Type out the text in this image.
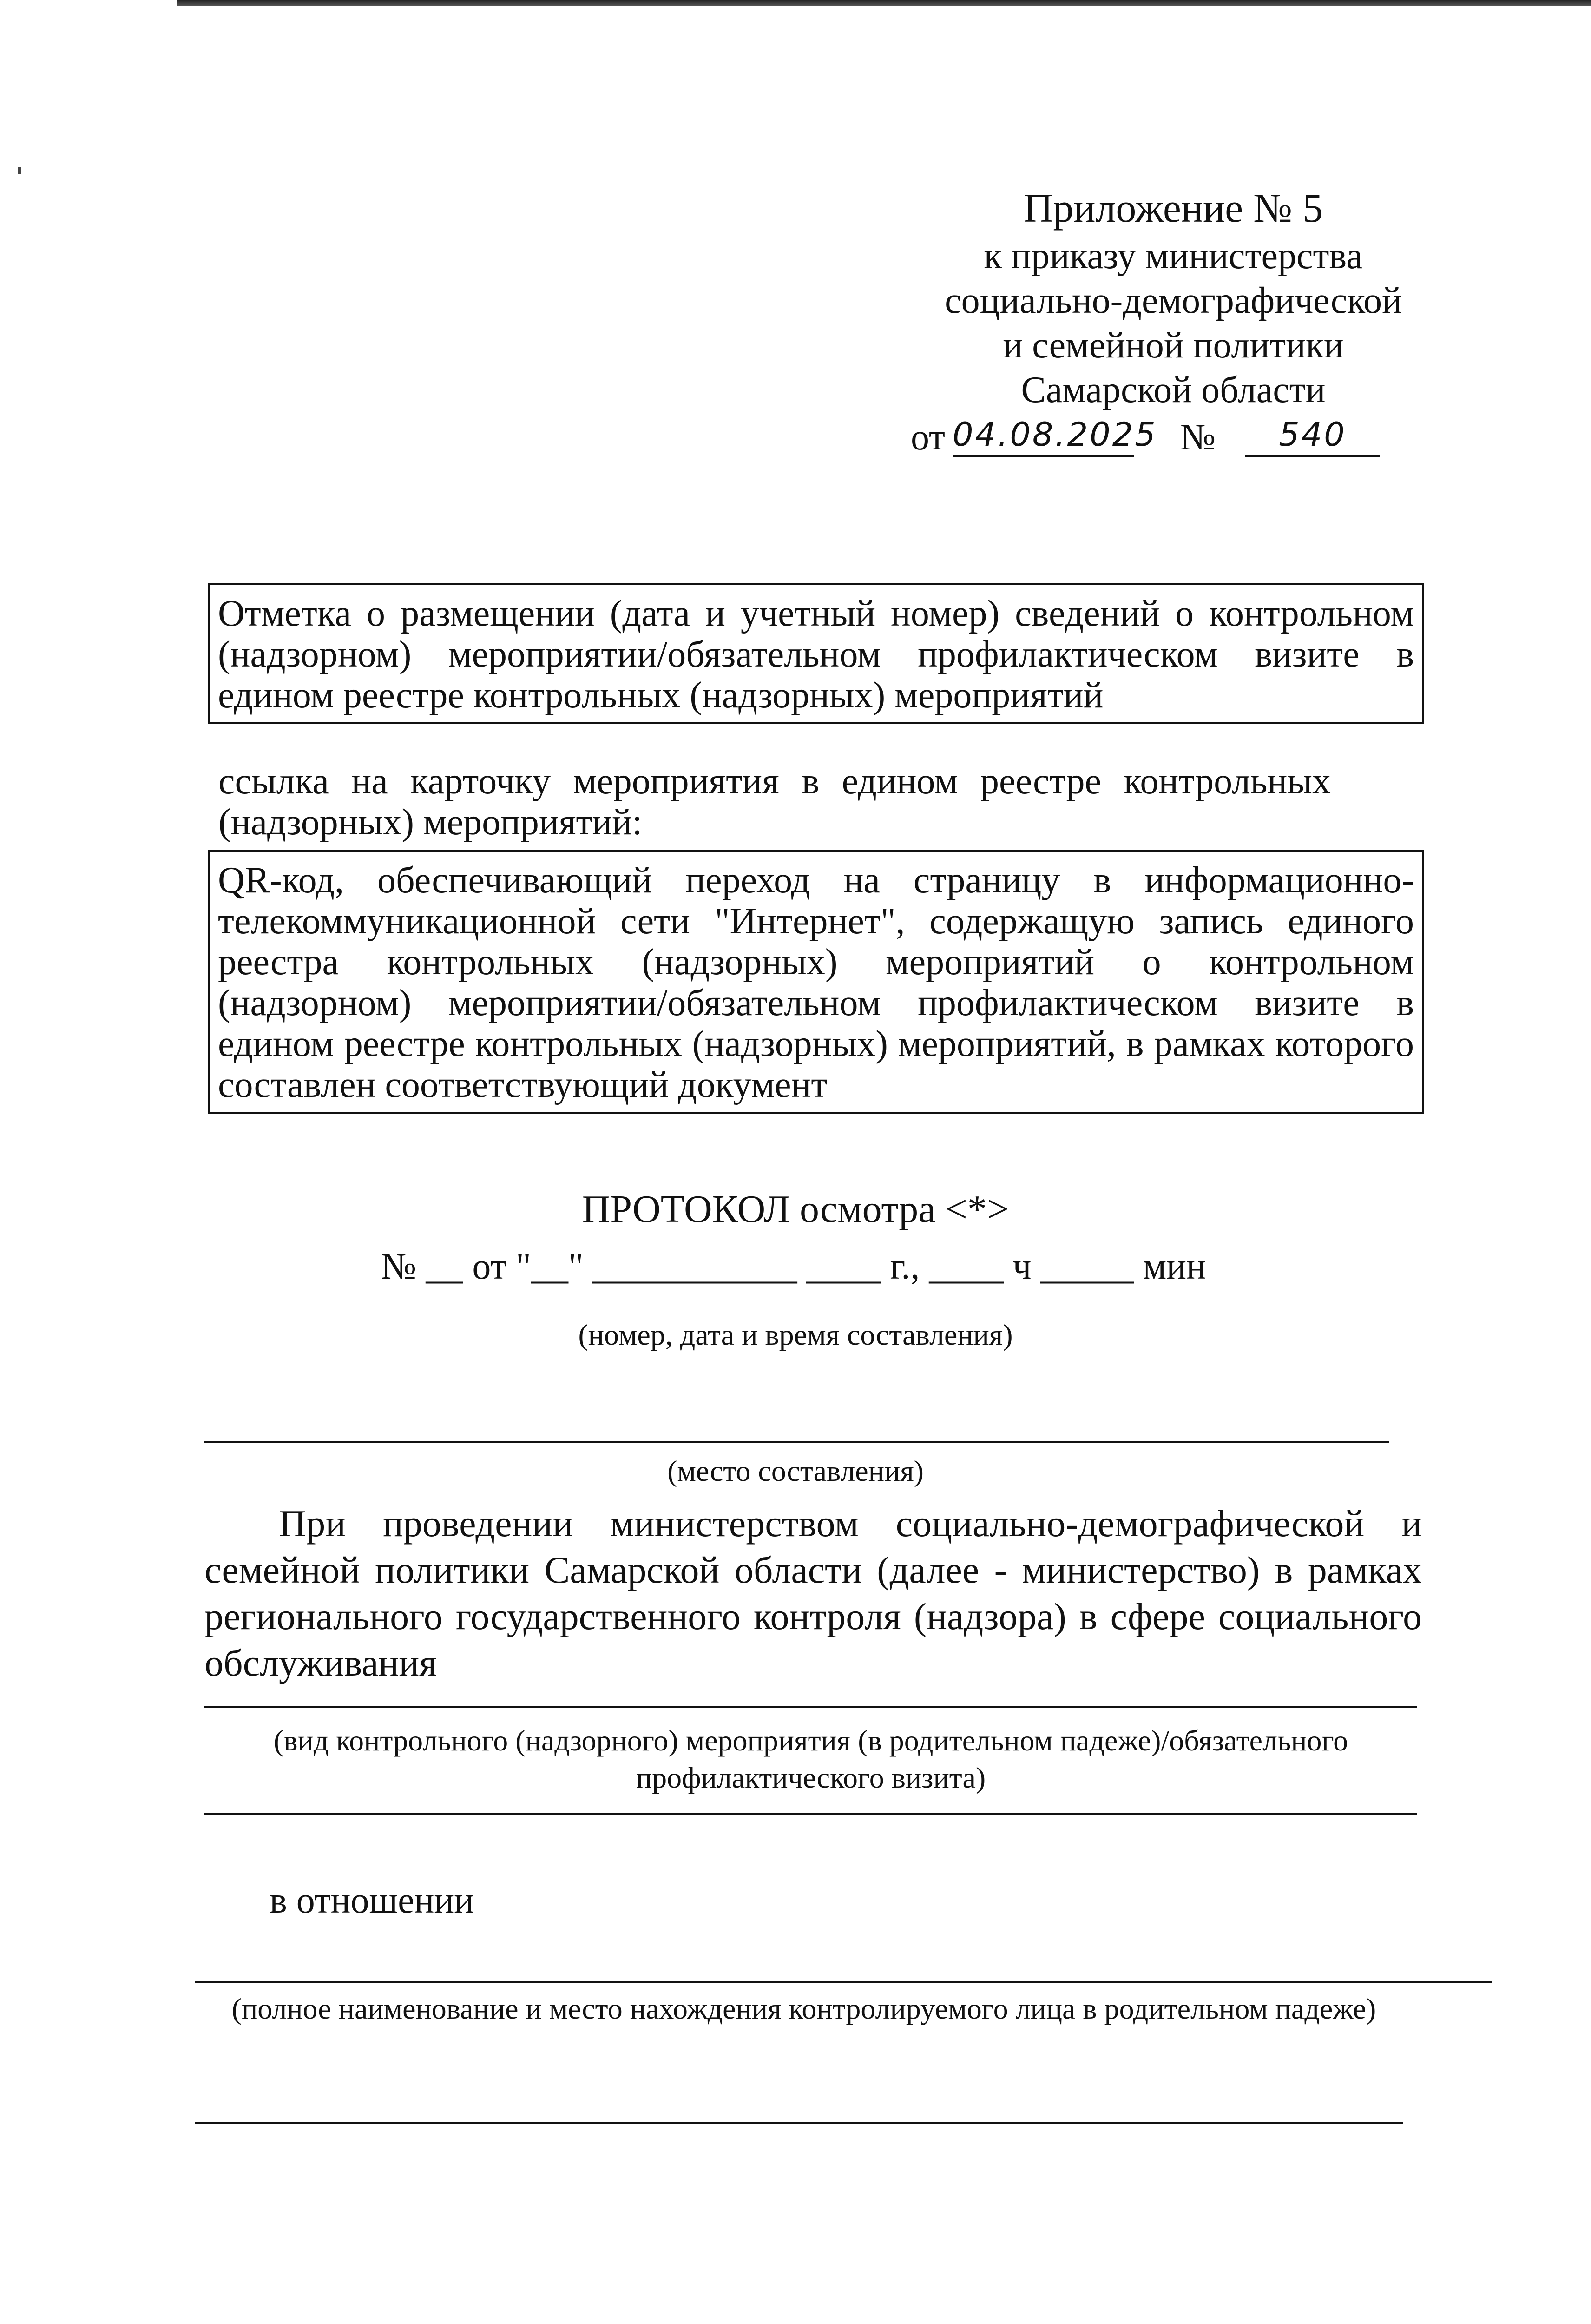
Приложение № 5
к приказу министерства
социально-демографической
и семейной политики
Самарской области
от 04.08.2025 №	540
Отметка о размещении (дата и учетный номер) сведений о контрольном (надзорном) мероприятии/обязательном профилактическом визите в едином реестре контрольных (надзорных) мероприятий
ссылка на карточку мероприятия в едином реестре контрольных (надзорных) мероприятий:
QR-код, обеспечивающий переход на страницу в информационно-телекоммуникационной сети "Интернет", содержащую запись единого реестра контрольных (надзорных) мероприятий о контрольном (надзорном) мероприятии/обязательном профилактическом визите в едином реестре контрольных (надзорных) мероприятий, в рамках которого составлен соответствующий документ
ПРОТОКОЛ осмотра <*>
№ __ от "__" ___________ ____ г., ____ ч _____ мин
(номер, дата и время составления)
(место составления)
При проведении министерством социально-демографической и семейной политики Самарской области (далее - министерство) в рамках регионального государственного контроля (надзора) в сфере социального обслуживания
(вид контрольного (надзорного) мероприятия (в родительном падеже)/обязательного профилактического визита)
в отношении
(полное наименование и место нахождения контролируемого лица в родительном падеже)
